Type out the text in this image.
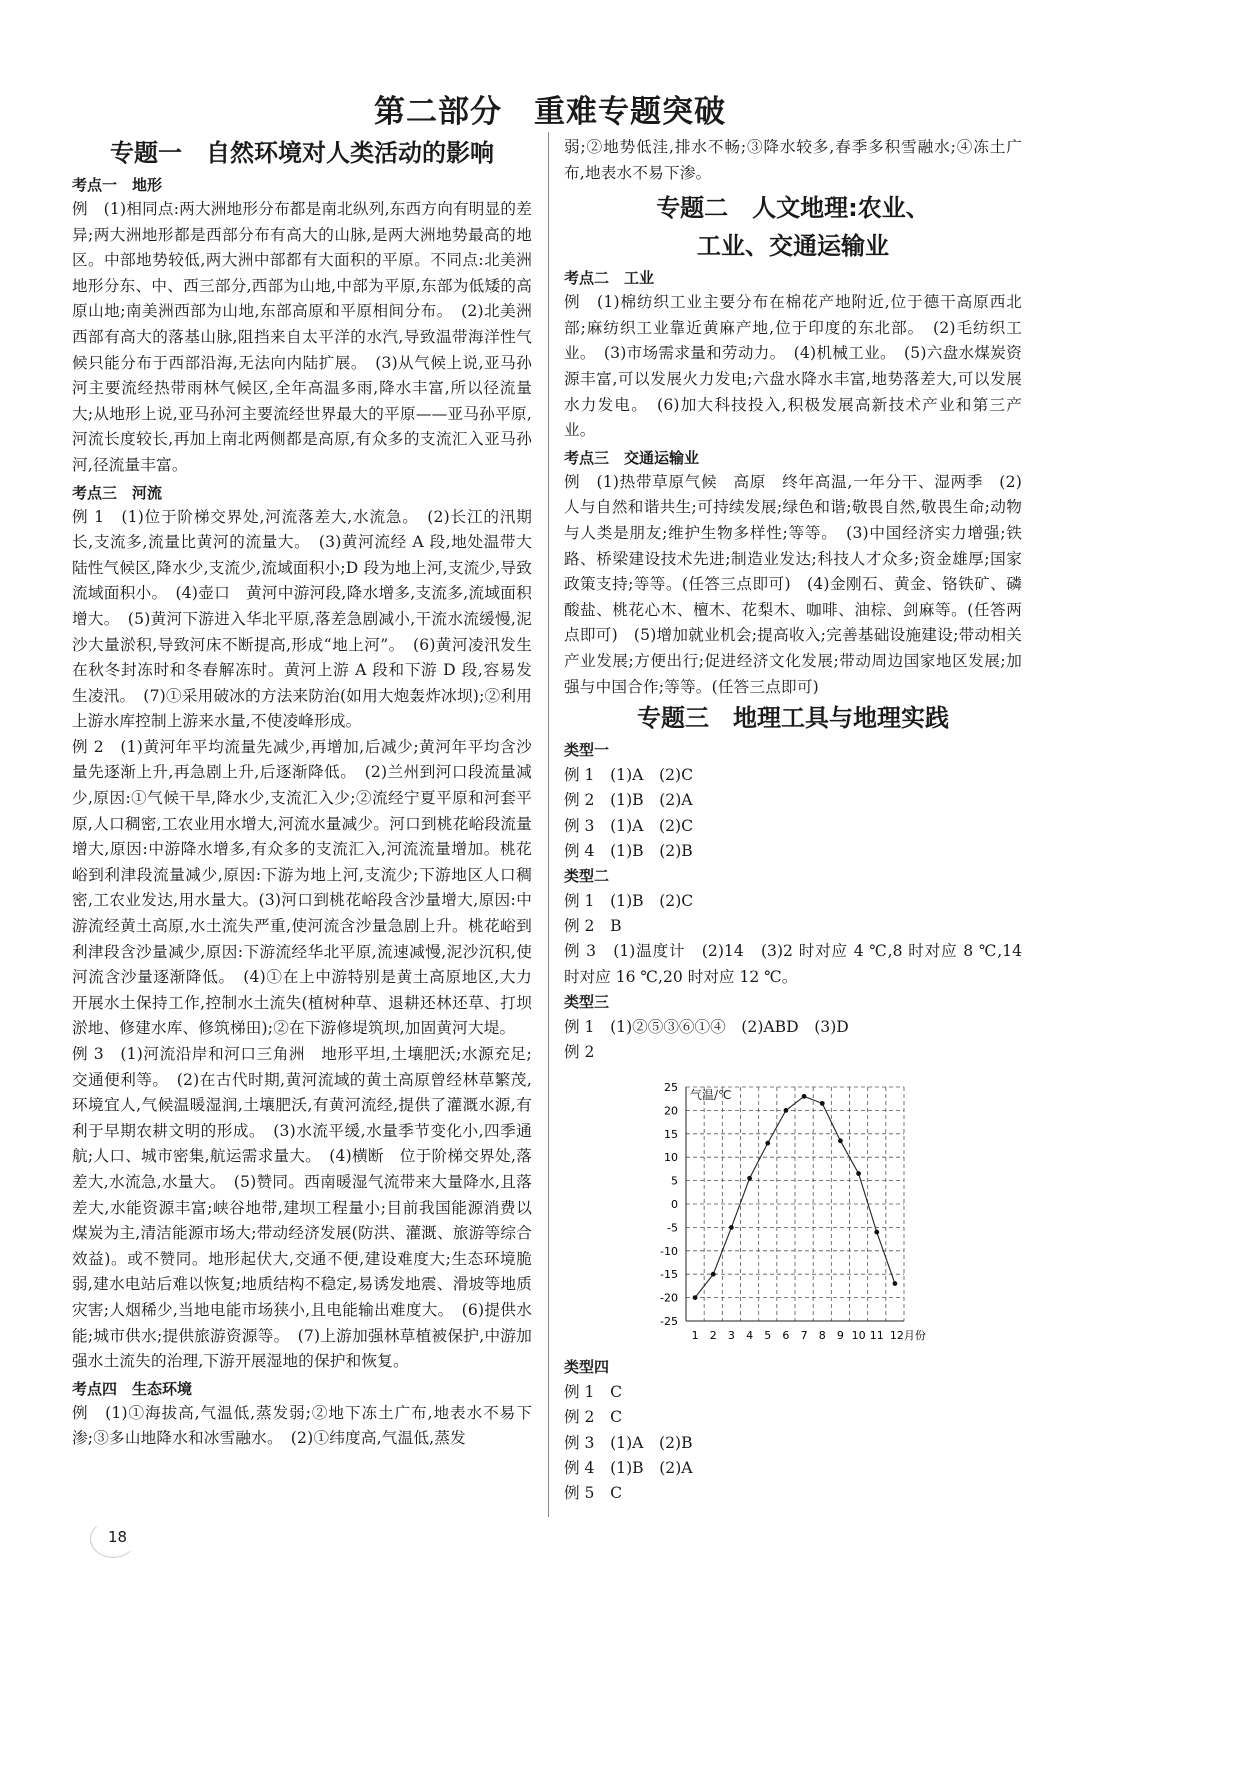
第二部分　重难专题突破
专题一　自然环境对人类活动的影响
考点一　地形

例　(1)相同点:两大洲地形分布都是南北纵列,东西方向有明显的差异;两大洲地形都是西部分布有高大的山脉,是两大洲地势最高的地区。中部地势较低,两大洲中部都有大面积的平原。不同点:北美洲地形分东、中、西三部分,西部为山地,中部为平原,东部为低矮的高原山地;南美洲西部为山地,东部高原和平原相间分布。　(2)北美洲西部有高大的落基山脉,阻挡来自太平洋的水汽,导致温带海洋性气候只能分布于西部沿海,无法向内陆扩展。　(3)从气候上说,亚马孙河主要流经热带雨林气候区,全年高温多雨,降水丰富,所以径流量大;从地形上说,亚马孙河主要流经世界最大的平原——亚马孙平原,河流长度较长,再加上南北两侧都是高原,有众多的支流汇入亚马孙河,径流量丰富。

考点三　河流

例 1　(1)位于阶梯交界处,河流落差大,水流急。　(2)长江的汛期长,支流多,流量比黄河的流量大。　(3)黄河流经 A 段,地处温带大陆性气候区,降水少,支流少,流域面积小;D 段为地上河,支流少,导致流域面积小。　(4)壶口　黄河中游河段,降水增多,支流多,流域面积增大。　(5)黄河下游进入华北平原,落差急剧减小,干流水流缓慢,泥沙大量淤积,导致河床不断提高,形成“地上河”。　(6)黄河凌汛发生在秋冬封冻时和冬春解冻时。黄河上游 A 段和下游 D 段,容易发生凌汛。　(7)①采用破冰的方法来防治(如用大炮轰炸冰坝);②利用上游水库控制上游来水量,不使凌峰形成。

例 2　(1)黄河年平均流量先减少,再增加,后减少;黄河年平均含沙量先逐渐上升,再急剧上升,后逐渐降低。　(2)兰州到河口段流量减少,原因:①气候干旱,降水少,支流汇入少;②流经宁夏平原和河套平原,人口稠密,工农业用水增大,河流水量减少。河口到桃花峪段流量增大,原因:中游降水增多,有众多的支流汇入,河流流量增加。桃花峪到利津段流量减少,原因:下游为地上河,支流少;下游地区人口稠密,工农业发达,用水量大。(3)河口到桃花峪段含沙量增大,原因:中游流经黄土高原,水土流失严重,使河流含沙量急剧上升。桃花峪到利津段含沙量减少,原因:下游流经华北平原,流速减慢,泥沙沉积,使河流含沙量逐渐降低。　(4)①在上中游特别是黄土高原地区,大力开展水土保持工作,控制水土流失(植树种草、退耕还林还草、打坝淤地、修建水库、修筑梯田);②在下游修堤筑坝,加固黄河大堤。

例 3　(1)河流沿岸和河口三角洲　地形平坦,土壤肥沃;水源充足;交通便利等。　(2)在古代时期,黄河流域的黄土高原曾经林草繁茂,环境宜人,气候温暖湿润,土壤肥沃,有黄河流经,提供了灌溉水源,有利于早期农耕文明的形成。　(3)水流平缓,水量季节变化小,四季通航;人口、城市密集,航运需求量大。　(4)横断　位于阶梯交界处,落差大,水流急,水量大。　(5)赞同。西南暖湿气流带来大量降水,且落差大,水能资源丰富;峡谷地带,建坝工程量小;目前我国能源消费以煤炭为主,清洁能源市场大;带动经济发展(防洪、灌溉、旅游等综合效益)。或不赞同。地形起伏大,交通不便,建设难度大;生态环境脆弱,建水电站后难以恢复;地质结构不稳定,易诱发地震、滑坡等地质灾害;人烟稀少,当地电能市场狭小,且电能输出难度大。　(6)提供水能;城市供水;提供旅游资源等。　(7)上游加强林草植被保护,中游加强水土流失的治理,下游开展湿地的保护和恢复。

考点四　生态环境

例　(1)①海拔高,气温低,蒸发弱;②地下冻土广布,地表水不易下渗;③多山地降水和冰雪融水。　(2)①纬度高,气温低,蒸发

弱;②地势低洼,排水不畅;③降水较多,春季多积雪融水;④冻土广布,地表水不易下渗。

专题二　人文地理:农业、
工业、交通运输业
考点二　工业

例　(1)棉纺织工业主要分布在棉花产地附近,位于德干高原西北部;麻纺织工业靠近黄麻产地,位于印度的东北部。　(2)毛纺织工业。　(3)市场需求量和劳动力。　(4)机械工业。　(5)六盘水煤炭资源丰富,可以发展火力发电;六盘水降水丰富,地势落差大,可以发展水力发电。　(6)加大科技投入,积极发展高新技术产业和第三产业。

考点三　交通运输业

例　(1)热带草原气候　高原　终年高温,一年分干、湿两季　(2)人与自然和谐共生;可持续发展;绿色和谐;敬畏自然,敬畏生命;动物与人类是朋友;维护生物多样性;等等。　(3)中国经济实力增强;铁路、桥梁建设技术先进;制造业发达;科技人才众多;资金雄厚;国家政策支持;等等。(任答三点即可)　(4)金刚石、黄金、铬铁矿、磷酸盐、桃花心木、檀木、花梨木、咖啡、油棕、剑麻等。(任答两点即可)　(5)增加就业机会;提高收入;完善基础设施建设;带动相关产业发展;方便出行;促进经济文化发展;带动周边国家地区发展;加强与中国合作;等等。(任答三点即可)

专题三　地理工具与地理实践
类型一
例 1　(1)A　(2)C
例 2　(1)B　(2)A
例 3　(1)A　(2)C
例 4　(1)B　(2)B
类型二
例 1　(1)B　(2)C
例 2　B
例 3　(1)温度计　(2)14　(3)2 时对应 4 ℃,8 时对应 8 ℃,14 时对应 16 ℃,20 时对应 12 ℃。
类型三
例 1　(1)②⑤③⑥①④　(2)ABD　(3)D
例 2
25
20
15
10
5
0
-5
-10
-15
-20
-25
气温/℃
1 2 3 4 5 6 7 8 9 10 11 12月份
类型四
例 1　C
例 2　C
例 3　(1)A　(2)B
例 4　(1)B　(2)A
例 5　C
18
